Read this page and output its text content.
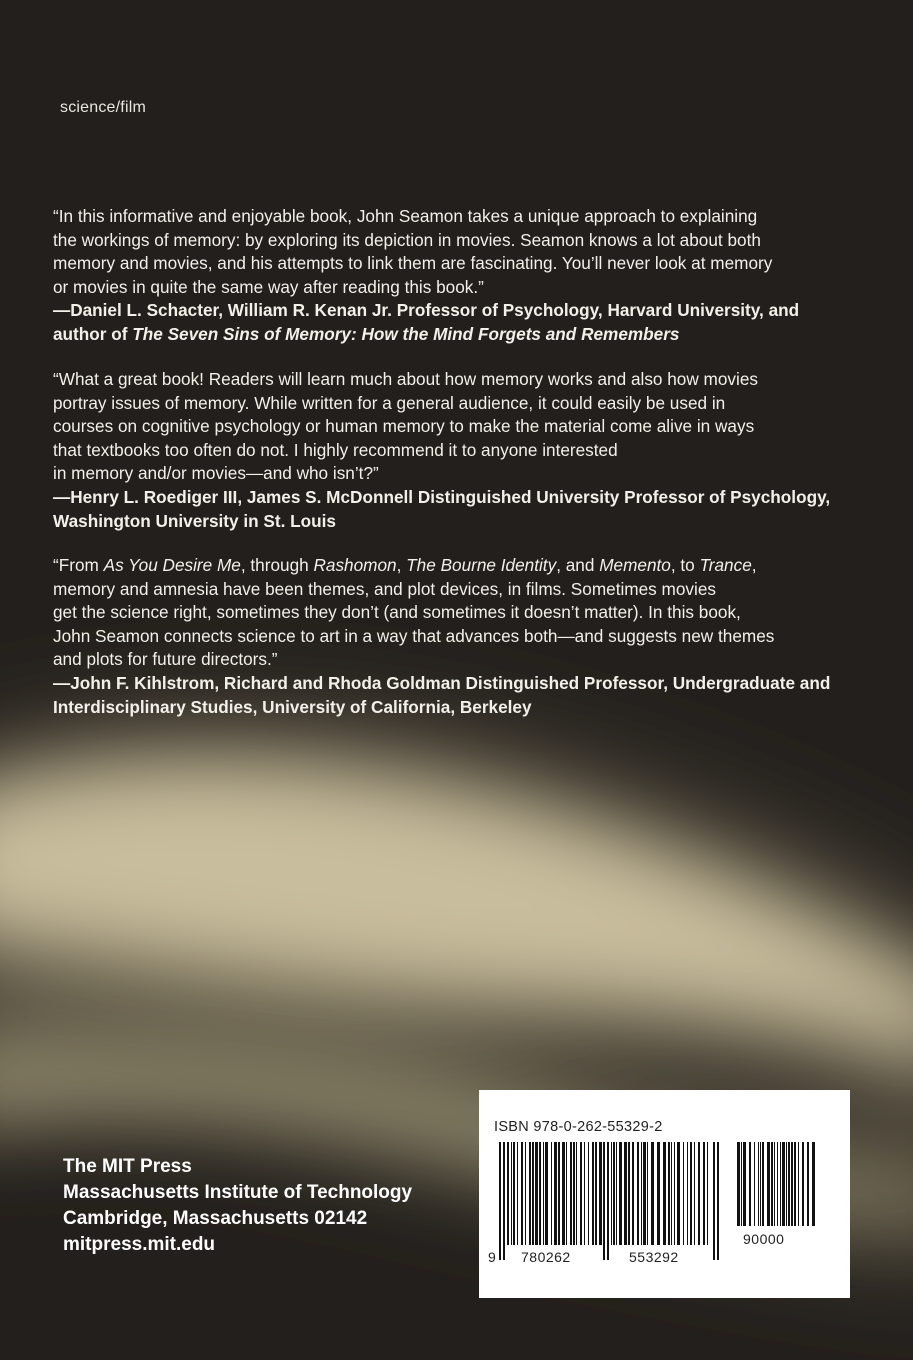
science/film

“In this informative and enjoyable book, John Seamon takes a unique approach to explaining

the workings of memory: by exploring its depiction in movies. Seamon knows a lot about both

memory and movies, and his attempts to link them are fascinating. You’ll never look at memory

or movies in quite the same way after reading this book.”

—Daniel L. Schacter, William R. Kenan Jr. Professor of Psychology, Harvard University, and

author of The Seven Sins of Memory: How the Mind Forgets and Remembers

“What a great book! Readers will learn much about how memory works and also how movies

portray issues of memory. While written for a general audience, it could easily be used in

courses on cognitive psychology or human memory to make the material come alive in ways

that textbooks too often do not. I highly recommend it to anyone interested

in memory and/or movies—and who isn’t?”

—Henry L. Roediger III, James S. McDonnell Distinguished University Professor of Psychology,

Washington University in St. Louis

“From As You Desire Me, through Rashomon, The Bourne Identity, and Memento, to Trance,

memory and amnesia have been themes, and plot devices, in films. Sometimes movies

get the science right, sometimes they don’t (and sometimes it doesn’t matter). In this book,

John Seamon connects science to art in a way that advances both—and suggests new themes

and plots for future directors.”

—John F. Kihlstrom, Richard and Rhoda Goldman Distinguished Professor, Undergraduate and

Interdisciplinary Studies, University of California, Berkeley

The MIT Press
Massachusetts Institute of Technology
Cambridge, Massachusetts 02142
mitpress.mit.edu
ISBN 978-0-262-55329-2
9 780262	553292
90000
